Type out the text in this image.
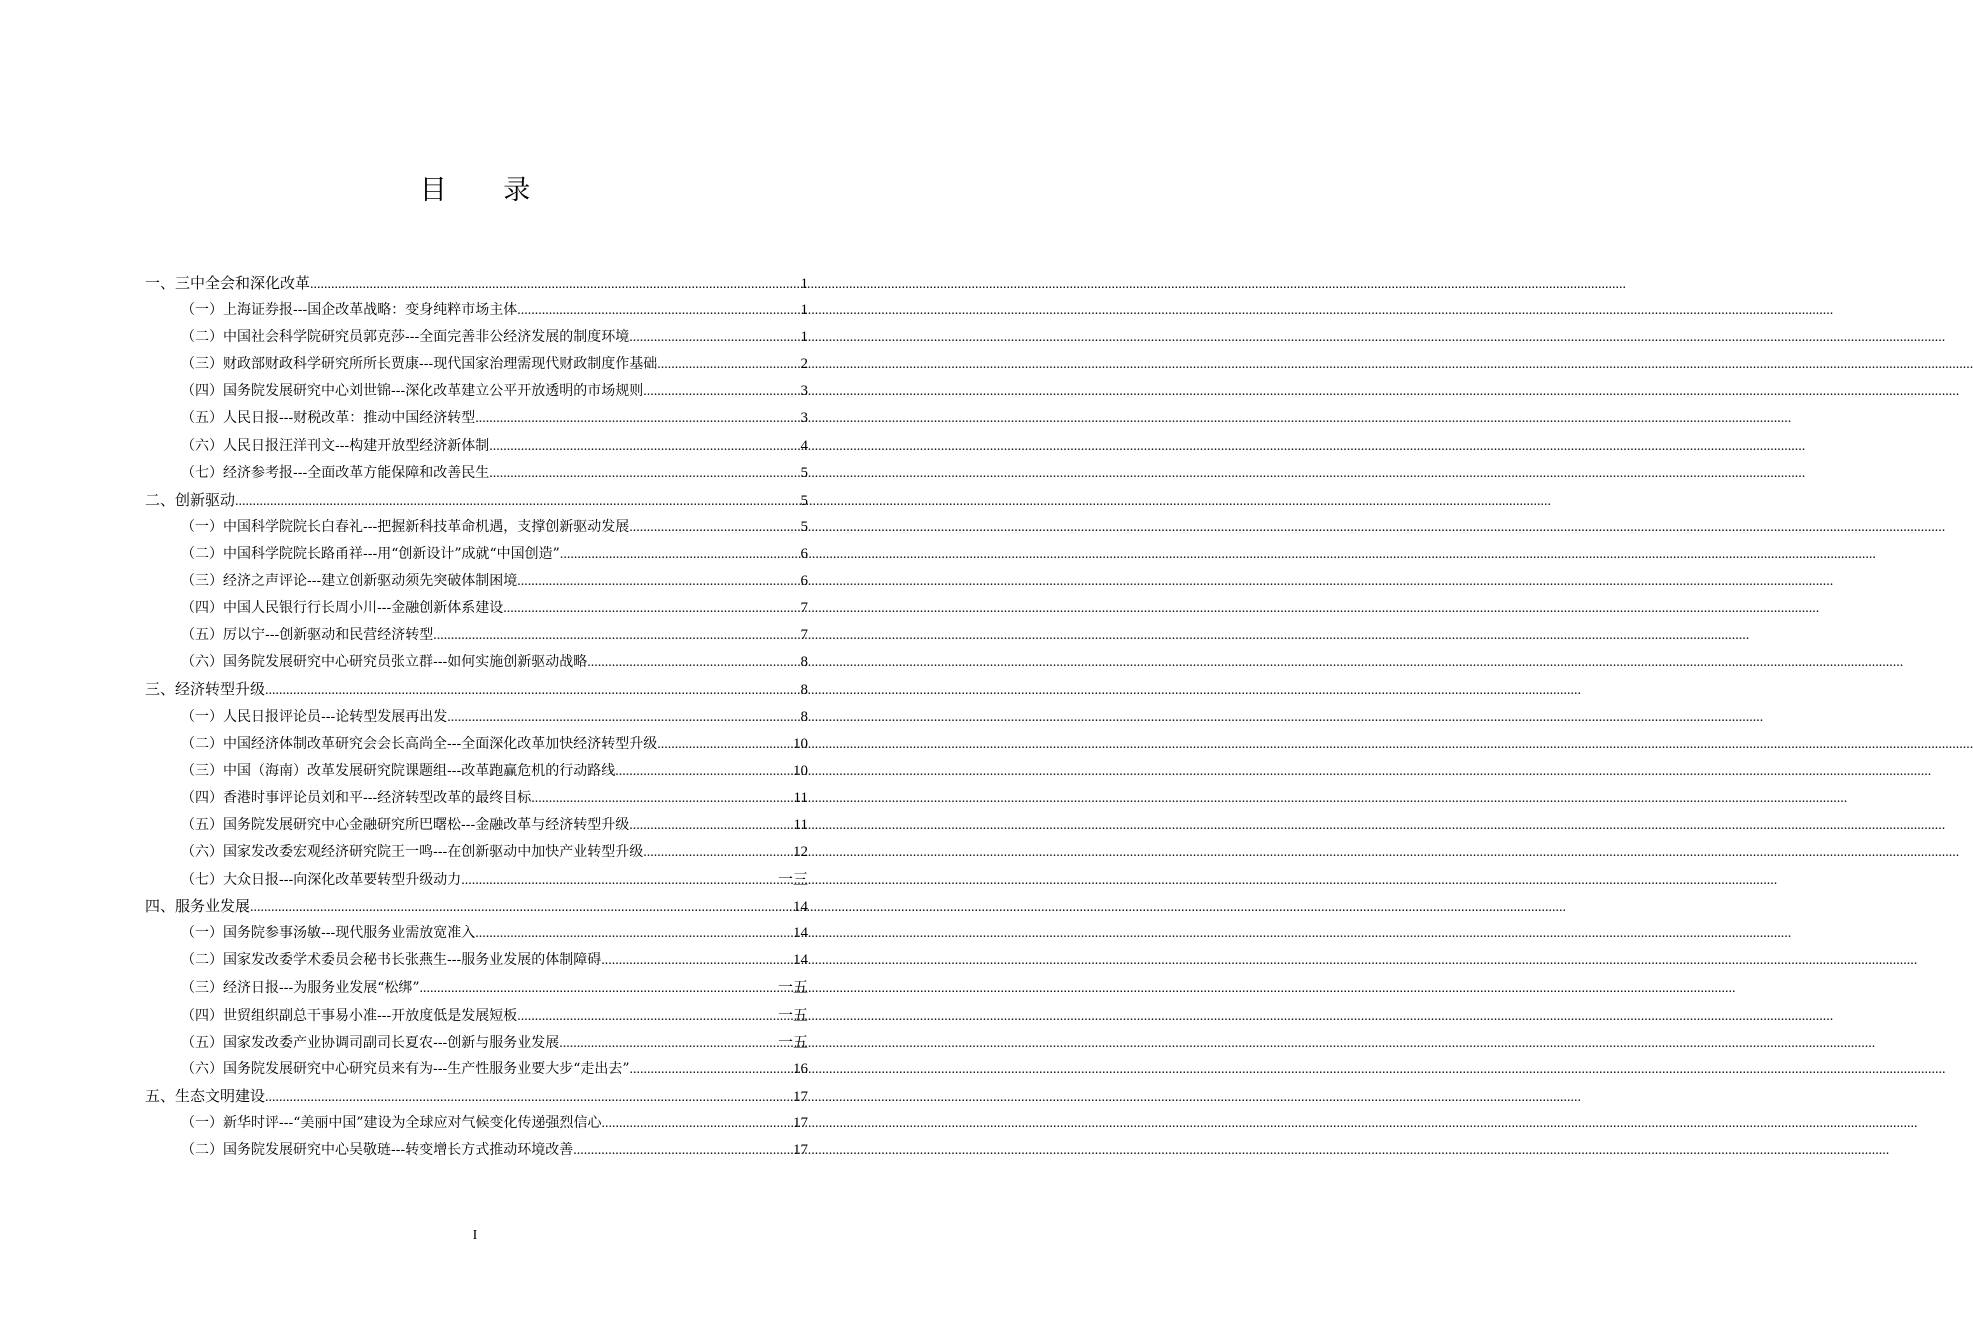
目 录
一、三中全会和深化改革 .....	1
（一）上海证券报---国企改革战略：变身纯粹市场主体 .....	1
（二）中国社会科学院研究员郭克莎---全面完善非公经济发展的制度环境 .....	1
（三）财政部财政科学研究所所长贾康---现代国家治理需现代财政制度作基础 .....	2
（四）国务院发展研究中心刘世锦---深化改革建立公平开放透明的市场规则 .....	3
（五）人民日报---财税改革：推动中国经济转型 .....	3
（六）人民日报汪洋刊文---构建开放型经济新体制 .....	4
（七）经济参考报---全面改革方能保障和改善民生 .....	5
二、创新驱动 .....	5
（一）中国科学院院长白春礼---把握新科技革命机遇，支撑创新驱动发展 .....	5
（二）中国科学院院长路甬祥---用“创新设计”成就“中国创造” .....	6
（三）经济之声评论---建立创新驱动须先突破体制困境 .....	6
（四）中国人民银行行长周小川---金融创新体系建设 .....	7
（五）厉以宁---创新驱动和民营经济转型 .....	7
（六）国务院发展研究中心研究员张立群---如何实施创新驱动战略 .....	8
三、经济转型升级 .....	8
（一）人民日报评论员---论转型发展再出发 .....	8
（二）中国经济体制改革研究会会长高尚全---全面深化改革加快经济转型升级 .....	10
（三）中国（海南）改革发展研究院课题组---改革跑赢危机的行动路线 .....	10
（四）香港时事评论员刘和平---经济转型改革的最终目标 .....	11
（五）国务院发展研究中心金融研究所巴曙松---金融改革与经济转型升级 .....	11
（六）国家发改委宏观经济研究院王一鸣---在创新驱动中加快产业转型升级 .....	12
（七）大众日报---向深化改革要转型升级动力 .....	一三
四、服务业发展 .....	14
（一）国务院参事汤敏---现代服务业需放宽准入 .....	14
（二）国家发改委学术委员会秘书长张燕生---服务业发展的体制障碍 .....	14
（三）经济日报---为服务业发展“松绑” .....	一五
（四）世贸组织副总干事易小准---开放度低是发展短板 .....	一五
（五）国家发改委产业协调司副司长夏农---创新与服务业发展 .....	一五
（六）国务院发展研究中心研究员来有为---生产性服务业要大步“走出去” .....	16
五、生态文明建设 .....	17
（一）新华时评---“美丽中国”建设为全球应对气候变化传递强烈信心 .....	17
（二）国务院发展研究中心吴敬琏---转变增长方式推动环境改善 .....	17
I
